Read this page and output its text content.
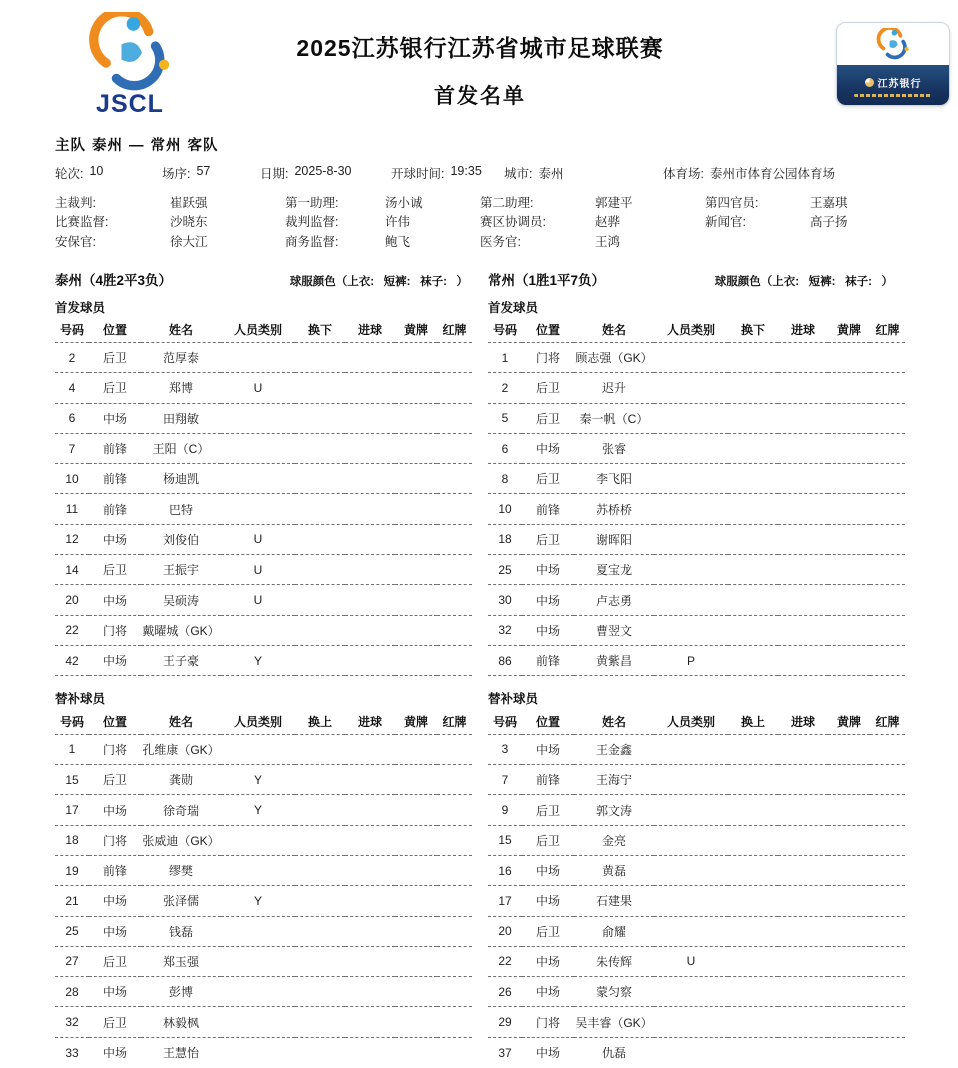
JSCL
2025江苏银行江苏省城市足球联赛
首发名单
江苏银行
主队 泰州 — 常州 客队
轮次: 10	场序: 57	日期: 2025-8-30	开球时间: 19:35 城市: 泰州	体育场: 泰州市体育公园体育场
主裁判:	崔跃强	第一助理:	汤小诚	第二助理:	郭建平	第四官员:	王嘉琪
比赛监督:	沙晓东	裁判监督:	许伟	赛区协调员:	赵骅	新闻官:	高子扬
安保官:	徐大江	商务监督:	鲍飞	医务官:	王鸿
泰州（4胜2平3负）	球服颜色（上衣:   短裤:   袜子:   ）
首发球员
号码	位置	姓名	人员类别	换下	进球	黄牌	红牌
2	后卫	范厚泰					
4	后卫	郑博	U				
6	中场	田翔敏					
7	前锋	王阳（C）					
10	前锋	杨迪凯					
11	前锋	巴特					
12	中场	刘俊伯	U				
14	后卫	王振宇	U				
20	中场	吴硕涛	U				
22	门将	戴曜城（GK）					
42	中场	王子豪	Y				
替补球员
号码	位置	姓名	人员类别	换上	进球	黄牌	红牌
1	门将	孔维康（GK）					
15	后卫	龚勋	Y				
17	中场	徐奇瑞	Y				
18	门将	张威迪（GK）					
19	前锋	缪樊					
21	中场	张泽儒	Y				
25	中场	钱磊					
27	后卫	郑玉强					
28	中场	彭博					
32	后卫	林毅枫					
33	中场	王慧怡					
常州（1胜1平7负）	球服颜色（上衣:   短裤:   袜子:   ）
首发球员
号码	位置	姓名	人员类别	换下	进球	黄牌	红牌
1	门将	顾志强（GK）					
2	后卫	迟升					
5	后卫	秦一帆（C）					
6	中场	张睿					
8	后卫	李飞阳					
10	前锋	苏桥桥					
18	后卫	谢晖阳					
25	中场	夏宝龙					
30	中场	卢志勇					
32	中场	曹翌文					
86	前锋	黄紫昌	P				
替补球员
号码	位置	姓名	人员类别	换上	进球	黄牌	红牌
3	中场	王金鑫					
7	前锋	王海宁					
9	后卫	郭文涛					
15	后卫	金亮					
16	中场	黄磊					
17	中场	石建果					
20	后卫	俞耀					
22	中场	朱传辉	U				
26	中场	蒙匀察					
29	门将	吴丰睿（GK）					
37	中场	仇磊					
